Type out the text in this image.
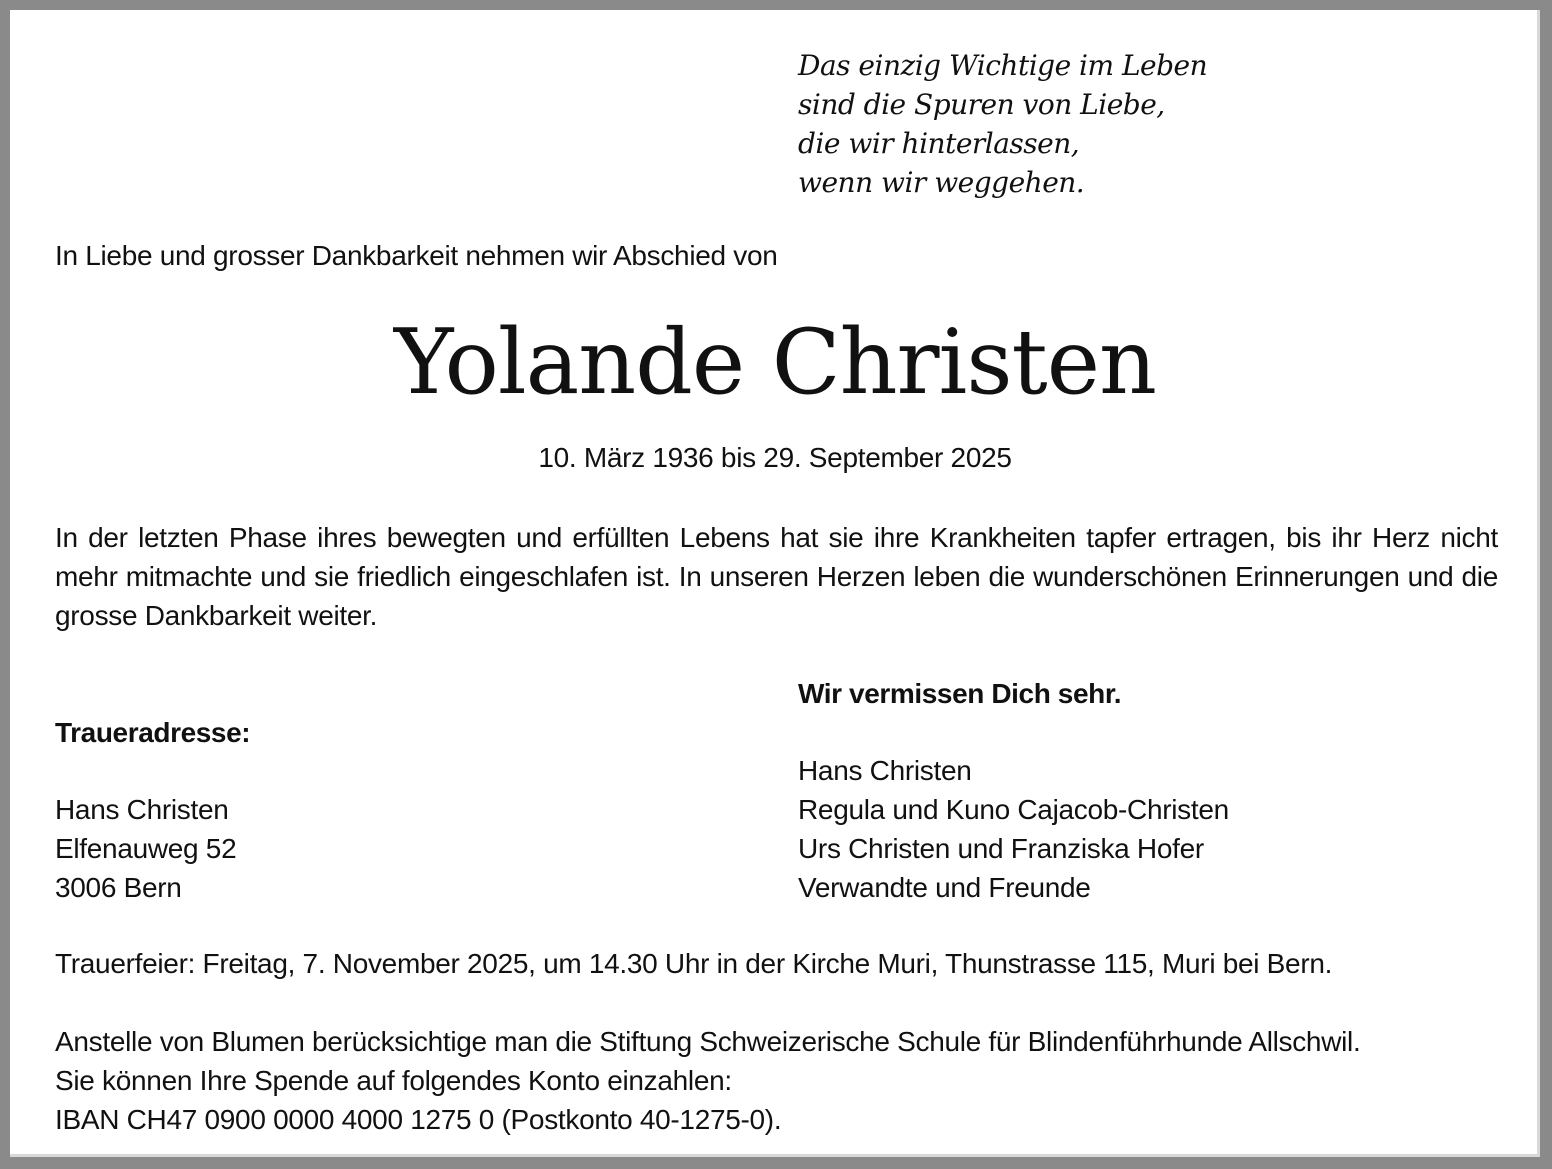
Das einzig Wichtige im Leben
sind die Spuren von Liebe,
die wir hinterlassen,
wenn wir weggehen.
In Liebe und grosser Dankbarkeit nehmen wir Abschied von
Yolande Christen
10. März 1936 bis 29. September 2025
In der letzten Phase ihres bewegten und erfüllten Lebens hat sie ihre Krankheiten tapfer ertragen, bis ihr Herz nicht mehr mitmachte und sie friedlich eingeschlafen ist. In unseren Herzen leben die wunderschönen Erinnerungen und die grosse Dankbarkeit weiter.
Wir vermissen Dich sehr.
Traueradresse:
Hans Christen
Elfenauweg 52
3006 Bern
Hans Christen
Regula und Kuno Cajacob-Christen
Urs Christen und Franziska Hofer
Verwandte und Freunde
Trauerfeier: Freitag, 7. November 2025, um 14.30 Uhr in der Kirche Muri, Thunstrasse 115, Muri bei Bern.
Anstelle von Blumen berücksichtige man die Stiftung Schweizerische Schule für Blindenführhunde Allschwil.
Sie können Ihre Spende auf folgendes Konto einzahlen:
IBAN CH47 0900 0000 4000 1275 0 (Postkonto 40-1275-0).
